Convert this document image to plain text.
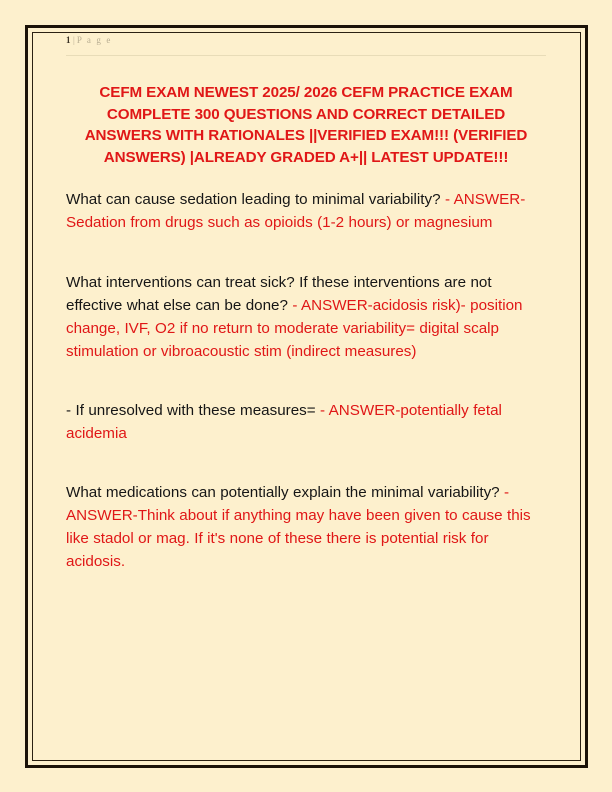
1 | P a g e
CEFM EXAM NEWEST 2025/ 2026 CEFM PRACTICE EXAM COMPLETE 300 QUESTIONS AND CORRECT DETAILED ANSWERS WITH RATIONALES ||VERIFIED EXAM!!! (VERIFIED ANSWERS) |ALREADY GRADED A+|| LATEST UPDATE!!!
What can cause sedation leading to minimal variability? - ANSWER-Sedation from drugs such as opioids (1-2 hours) or magnesium
What interventions can treat sick? If these interventions are not effective what else can be done? - ANSWER-acidosis risk)- position change, IVF, O2 if no return to moderate variability= digital scalp stimulation or vibroacoustic stim (indirect measures)
- If unresolved with these measures= - ANSWER-potentially fetal acidemia
What medications can potentially explain the minimal variability? - ANSWER-Think about if anything may have been given to cause this like stadol or mag. If it's none of these there is potential risk for acidosis.
